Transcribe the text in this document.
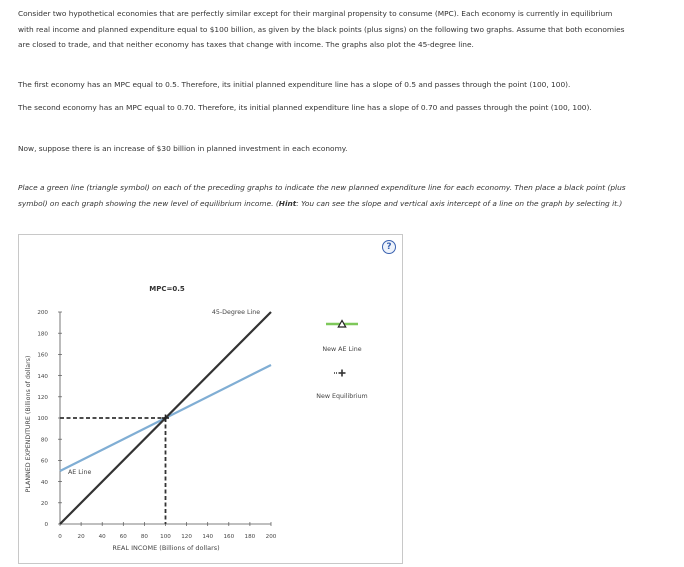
Consider two hypothetical economies that are perfectly similar except for their marginal propensity to consume (MPC). Each economy is currently in equilibrium with real income and planned expenditure equal to $100 billion, as given by the black points (plus signs) on the following two graphs. Assume that both economies are closed to trade, and that neither economy has taxes that change with income. The graphs also plot the 45-degree line.

The first economy has an MPC equal to 0.5. Therefore, its initial planned expenditure line has a slope of 0.5 and passes through the point (100, 100).

The second economy has an MPC equal to 0.70. Therefore, its initial planned expenditure line has a slope of 0.70 and passes through the point (100, 100).

Now, suppose there is an increase of $30 billion in planned investment in each economy.

Place a green line (triangle symbol) on each of the preceding graphs to indicate the new planned expenditure line for each economy. Then place a black point (plus symbol) on each graph showing the new level of equilibrium income. (Hint: You can see the slope and vertical axis intercept of a line on the graph by selecting it.)

?
MPC=0.5
PLANNED EXPENDITURE (Billions of dollars)
REAL INCOME (Billions of dollars)
0
20
40
60
80
100
120
140
160
180
200
0	20 40 60 80 100 120 140 160 180 200
45-Degree Line
AE Line
New AE Line
New Equilibrium
